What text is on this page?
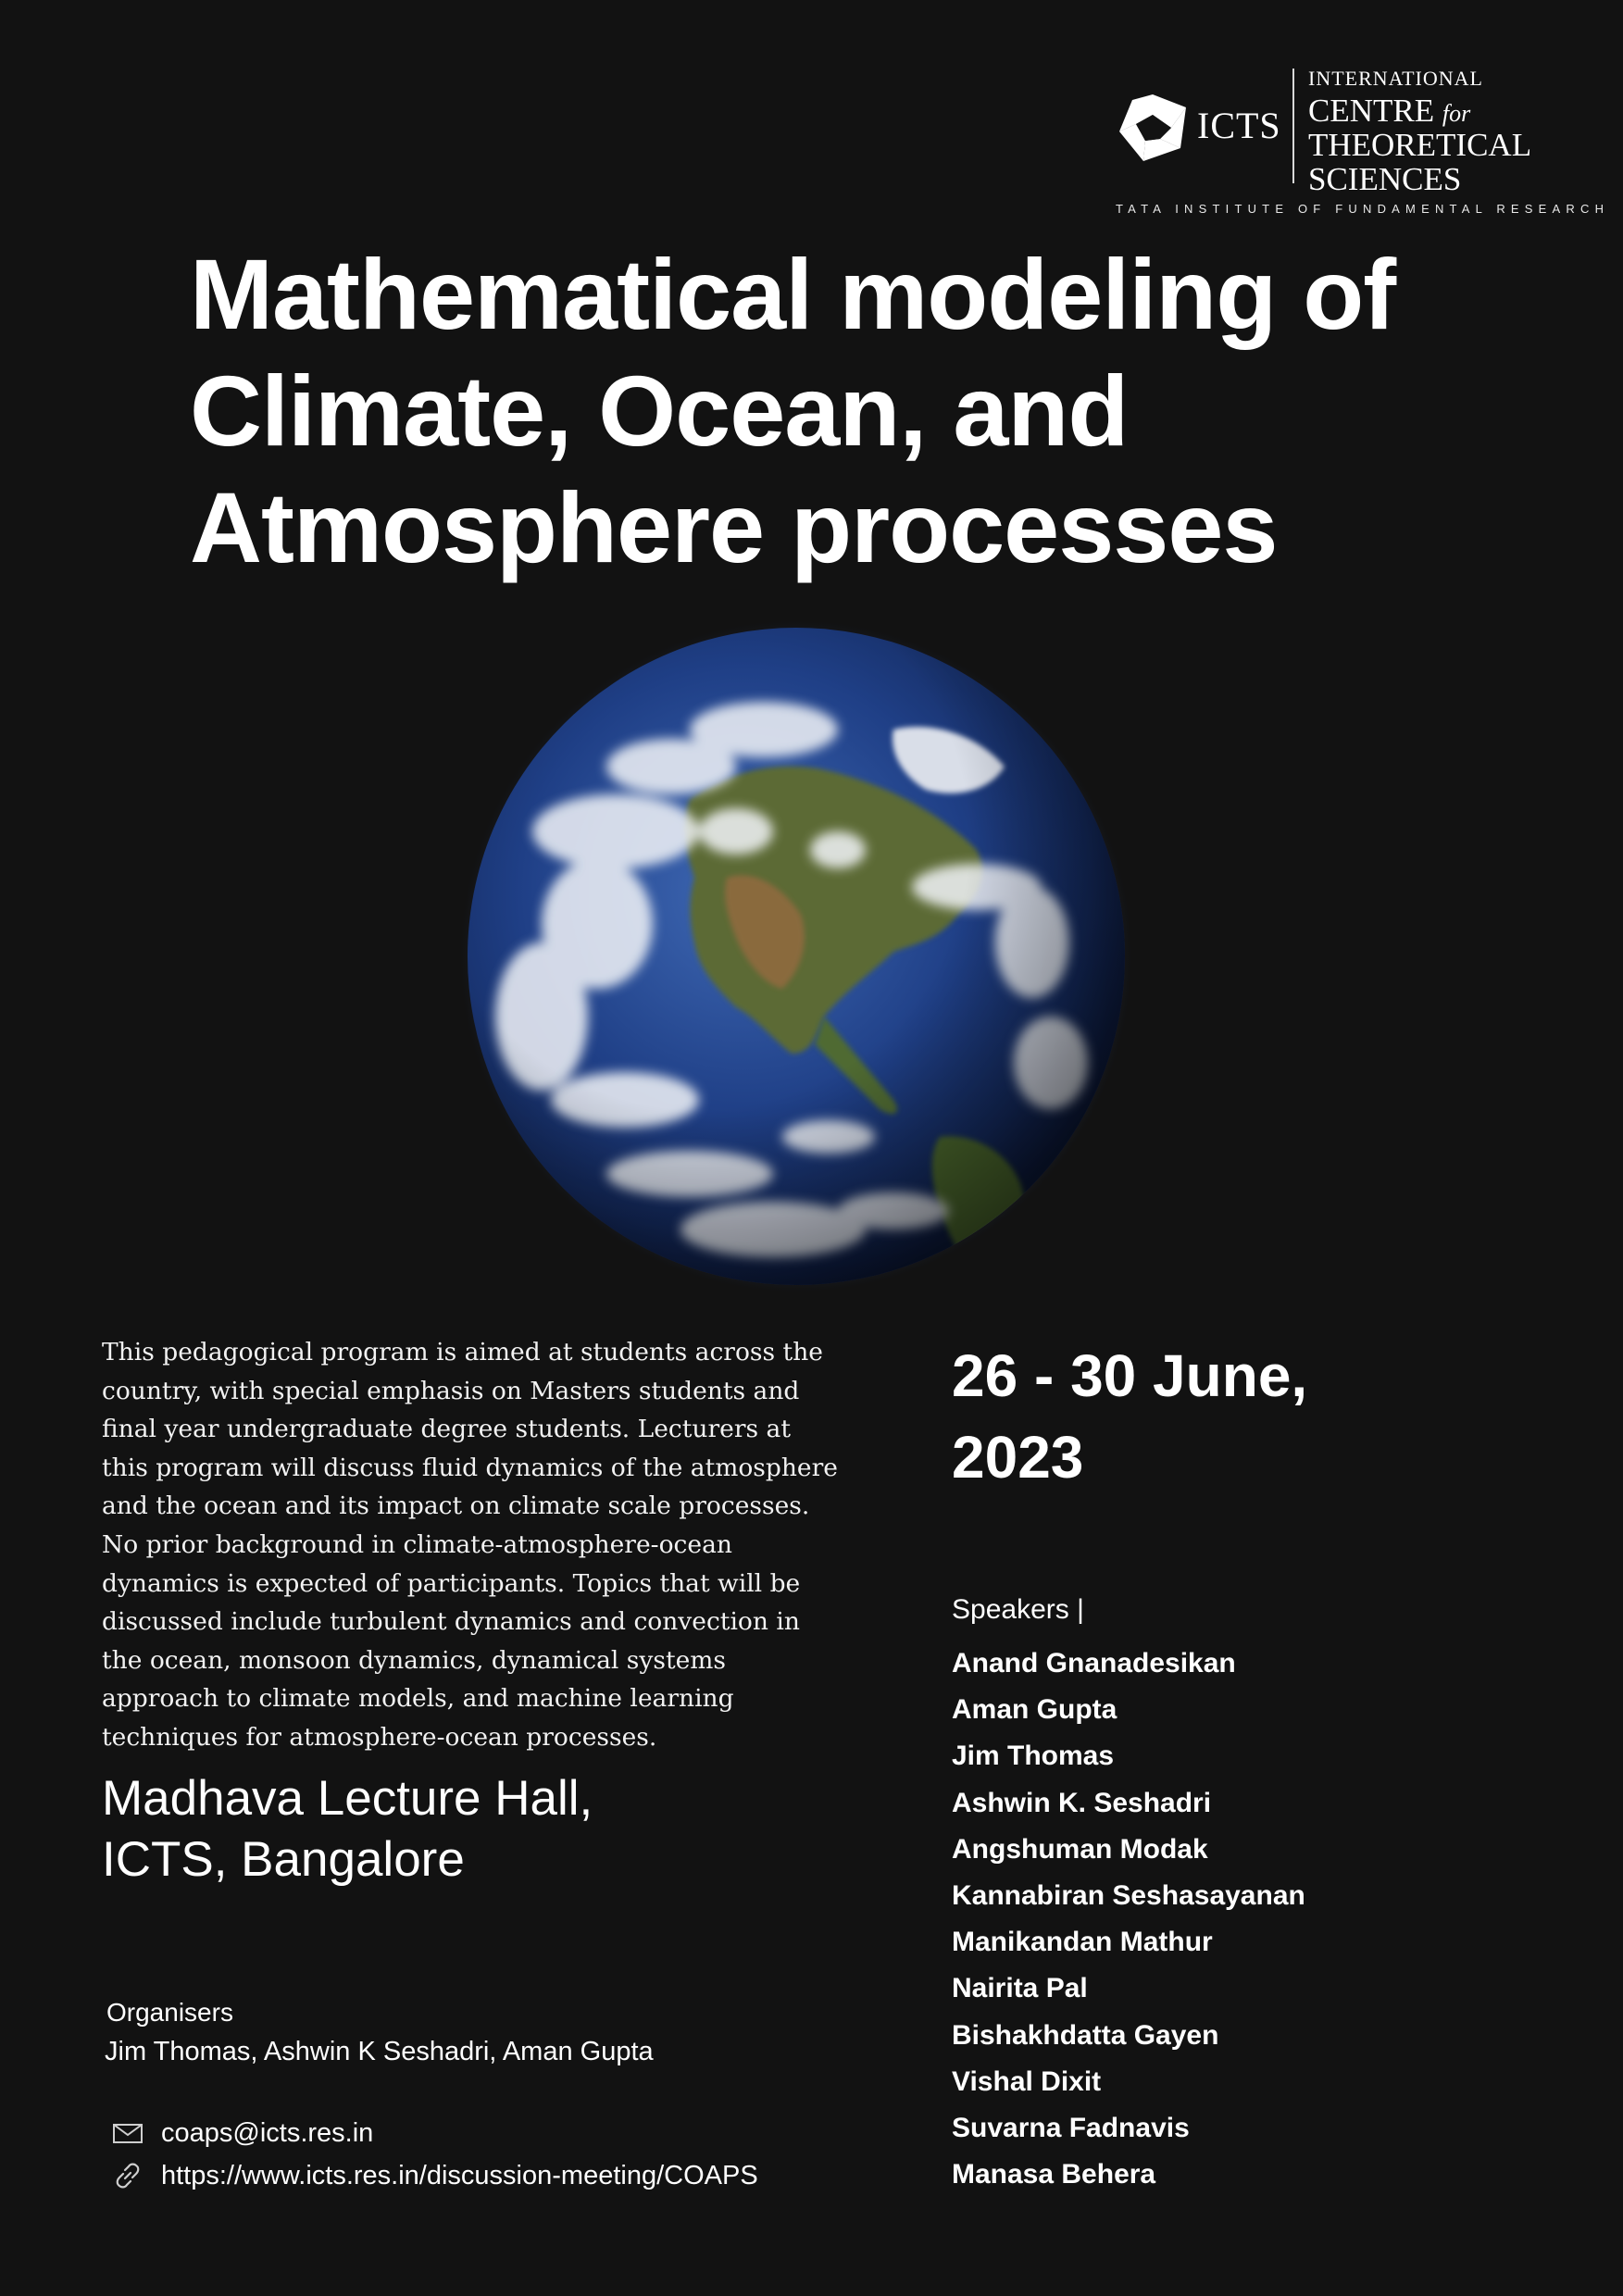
ICTS
INTERNATIONAL
CENTRE for
THEORETICAL
SCIENCES
TATA INSTITUTE OF FUNDAMENTAL RESEARCH
Mathematical modeling of
Climate, Ocean, and
Atmosphere processes

This pedagogical program is aimed at students across the country, with special emphasis on Masters students and final year undergraduate degree students. Lecturers at this program will discuss fluid dynamics of the atmosphere and the ocean and its impact on climate scale processes. No prior background in climate-atmosphere-ocean dynamics is expected of participants. Topics that will be discussed include turbulent dynamics and convection in the ocean, monsoon dynamics, dynamical systems approach to climate models, and machine learning techniques for atmosphere-ocean processes.

Madhava Lecture Hall,
ICTS, Bangalore
Organisers
Jim Thomas, Ashwin K Seshadri, Aman Gupta
coaps@icts.res.in
https://www.icts.res.in/discussion-meeting/COAPS
26 - 30 June,
2023
Speakers |
Anand Gnanadesikan
Aman Gupta
Jim Thomas
Ashwin K. Seshadri
Angshuman Modak
Kannabiran Seshasayanan
Manikandan Mathur
Nairita Pal
Bishakhdatta Gayen
Vishal Dixit
Suvarna Fadnavis
Manasa Behera
